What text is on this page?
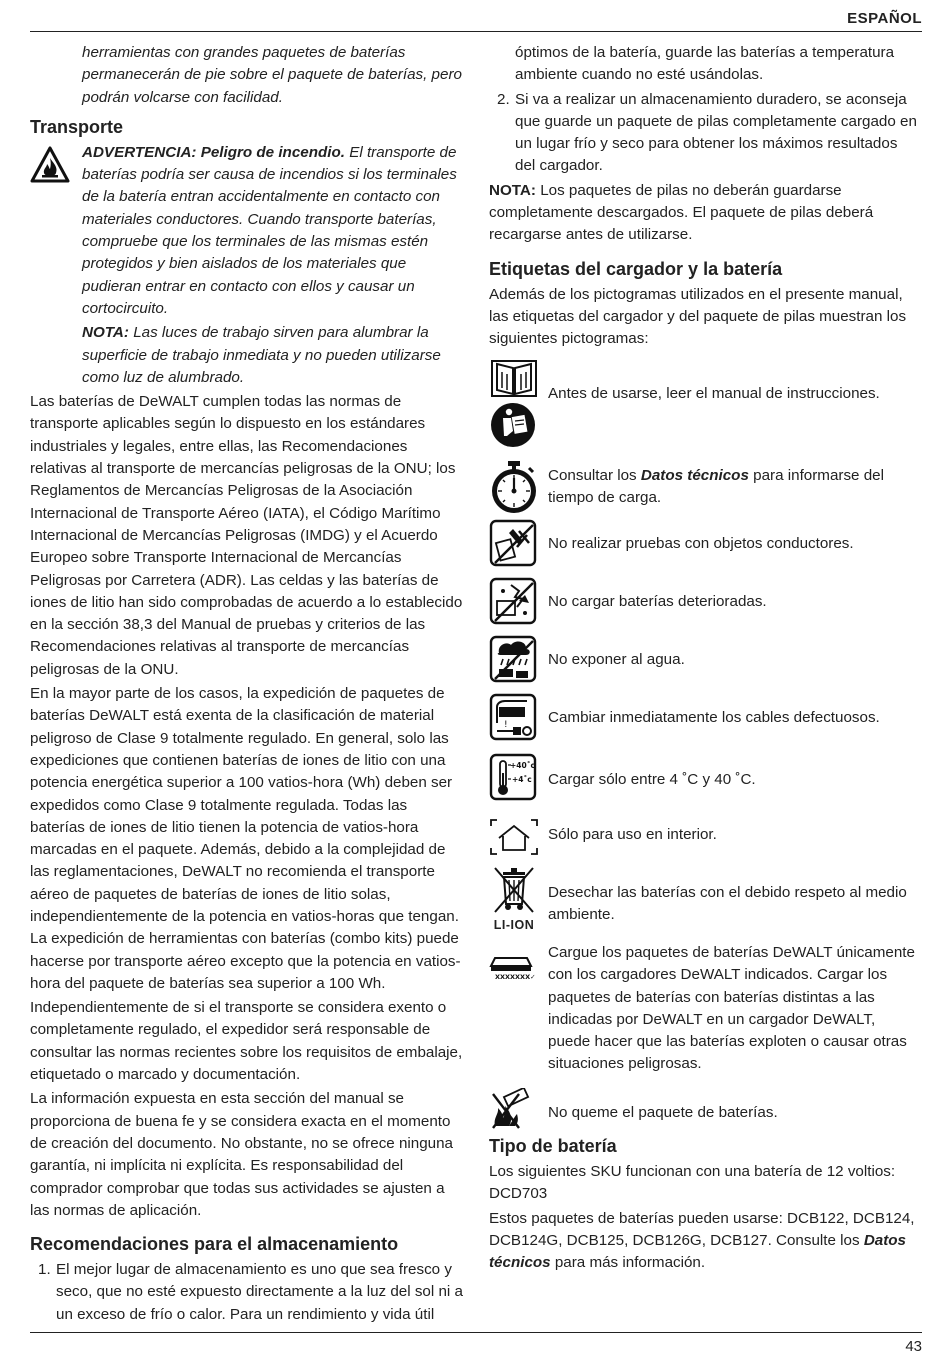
ESPAÑOL

herramientas con grandes paquetes de baterías permanecerán de pie sobre el paquete de baterías, pero podrán volcarse con facilidad.

Transporte

ADVERTENCIA: Peligro de incendio. El transporte de baterías podría ser causa de incendios si los terminales de la batería entran accidentalmente en contacto con materiales conductores. Cuando transporte baterías, compruebe que los terminales de las mismas estén protegidos y bien aislados de los materiales que pudieran entrar en contacto con ellos y causar un cortocircuito.

NOTA: Las luces de trabajo sirven para alumbrar la superficie de trabajo inmediata y no pueden utilizarse como luz de alumbrado.

Las baterías de DeWALT cumplen todas las normas de transporte aplicables según lo dispuesto en los estándares industriales y legales, entre ellas, las Recomendaciones relativas al transporte de mercancías peligrosas de la ONU; los Reglamentos de Mercancías Peligrosas de la Asociación Internacional de Transporte Aéreo (IATA), el Código Marítimo Internacional de Mercancías Peligrosas (IMDG) y el Acuerdo Europeo sobre Transporte Internacional de Mercancías Peligrosas por Carretera (ADR). Las celdas y las baterías de iones de litio han sido comprobadas de acuerdo a lo establecido en la sección 38,3 del Manual de pruebas y criterios de las Recomendaciones relativas al transporte de mercancías peligrosas de la ONU.

En la mayor parte de los casos, la expedición de paquetes de baterías DeWALT está exenta de la clasificación de material peligroso de Clase 9 totalmente regulado. En general, solo las expediciones que contienen baterías de iones de litio con una potencia energética superior a 100 vatios-hora (Wh) deben ser expedidos como Clase 9 totalmente regulada. Todas las baterías de iones de litio tienen la potencia de vatios-hora marcadas en el paquete. Además, debido a la complejidad de las reglamentaciones, DeWALT no recomienda el transporte aéreo de paquetes de baterías de iones de litio solas, independientemente de la potencia en vatios-horas que tengan. La expedición de herramientas con baterías (combo kits) puede hacerse por transporte aéreo excepto que la potencia en vatios-hora del paquete de baterías sea superior a 100 Wh.

Independientemente de si el transporte se considera exento o completamente regulado, el expedidor será responsable de consultar las normas recientes sobre los requisitos de embalaje, etiquetado o marcado y documentación.

La información expuesta en esta sección del manual se proporciona de buena fe y se considera exacta en el momento de creación del documento. No obstante, no se ofrece ninguna garantía, ni implícita ni explícita. Es responsabilidad del comprador comprobar que todas sus actividades se ajusten a las normas de aplicación.

Recomendaciones para el almacenamiento
1. El mejor lugar de almacenamiento es uno que sea fresco y seco, que no esté expuesto directamente a la luz del sol ni a un exceso de frío o calor. Para un rendimiento y vida útil
óptimos de la batería, guarde las baterías a temperatura ambiente cuando no esté usándolas.
2. Si va a realizar un almacenamiento duradero, se aconseja que guarde un paquete de pilas completamente cargado en un lugar frío y seco para obtener los máximos resultados del cargador.

NOTA: Los paquetes de pilas no deberán guardarse completamente descargados. El paquete de pilas deberá recargarse antes de utilizarse.

Etiquetas del cargador y la batería

Además de los pictogramas utilizados en el presente manual, las etiquetas del cargador y del paquete de pilas muestran los siguientes pictogramas:

Antes de usarse, leer el manual de instrucciones.
Consultar los Datos técnicos para informarse del tiempo de carga.
No realizar pruebas con objetos conductores.
No cargar baterías deterioradas.
No exponer al agua.
!	Cambiar inmediatamente los cables defectuosos.
+40˚c
+4˚c Cargar sólo entre 4 ˚C y 40 ˚C.
Sólo para uso en interior.
LI-ION
Desechar las baterías con el debido respeto al medio ambiente.
XXXXXXX✓
Cargue los paquetes de baterías DeWALT únicamente con los cargadores DeWALT indicados. Cargar los paquetes de baterías con baterías distintas a las indicadas por DeWALT en un cargador DeWALT, puede hacer que las baterías exploten o causar otras situaciones peligrosas.
No queme el paquete de baterías.
Tipo de batería

Los siguientes SKU funcionan con una batería de 12 voltios: DCD703

Estos paquetes de baterías pueden usarse: DCB122, DCB124, DCB124G, DCB125, DCB126G, DCB127. Consulte los Datos técnicos para más información.

43
